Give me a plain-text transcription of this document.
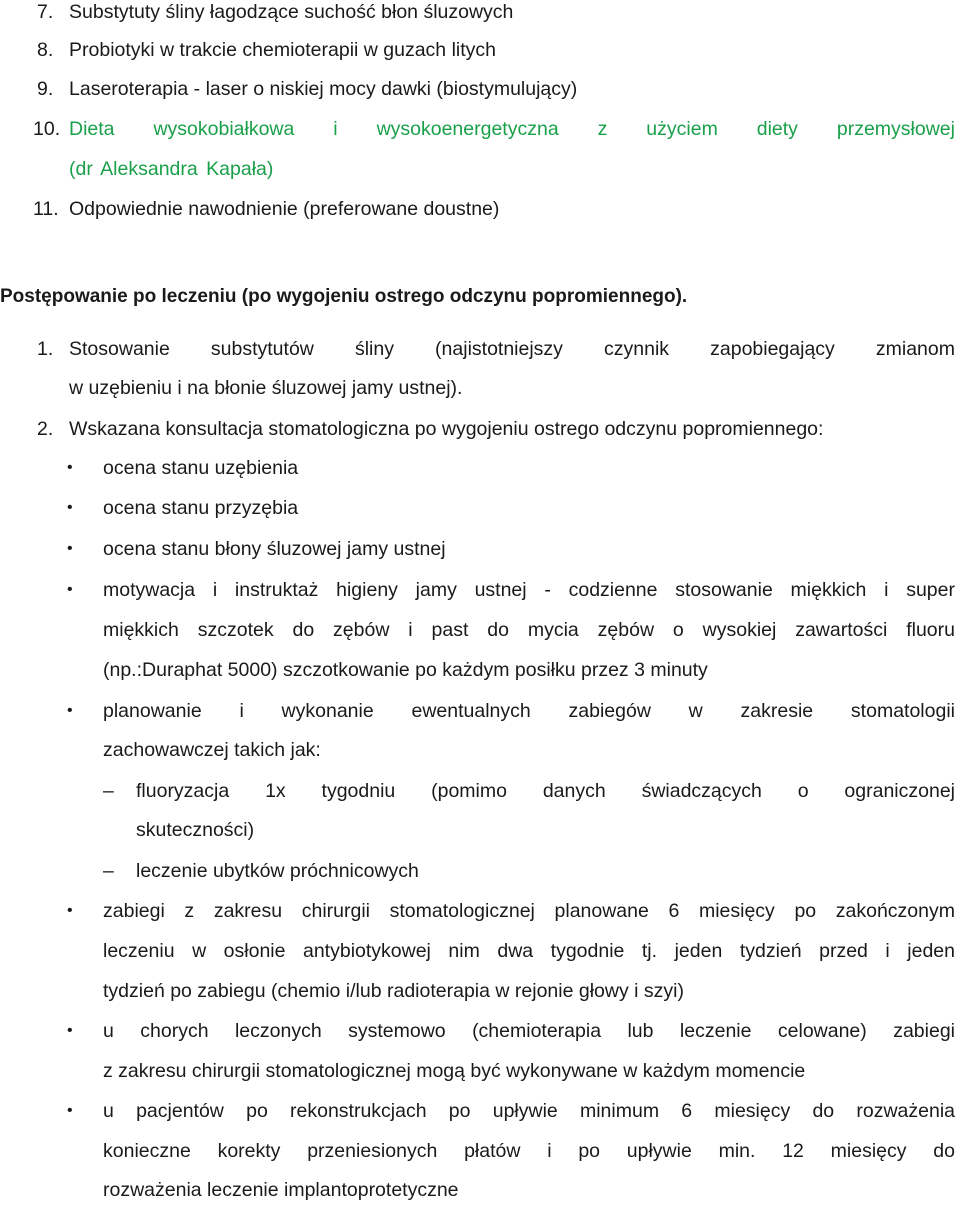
7. Substytuty śliny łagodzące suchość błon śluzowych
8. Probiotyki w trakcie chemioterapii w guzach litych
9. Laseroterapia - laser o niskiej mocy dawki (biostymulujący)
10. Dieta wysokobiałkowa i wysokoenergetyczna z użyciem diety przemysłowej
(dr Aleksandra Kapała)
11. Odpowiednie nawodnienie (preferowane doustne)
Postępowanie po leczeniu (po wygojeniu ostrego odczynu popromiennego).
1. Stosowanie substytutów śliny (najistotniejszy czynnik zapobiegający zmianom
w uzębieniu i na błonie śluzowej jamy ustnej).
2. Wskazana konsultacja stomatologiczna po wygojeniu ostrego odczynu popromiennego:
• ocena stanu uzębienia
• ocena stanu przyzębia
• ocena stanu błony śluzowej jamy ustnej
• motywacja i instruktaż higieny jamy ustnej - codzienne stosowanie miękkich i super
miękkich szczotek do zębów i past do mycia zębów o wysokiej zawartości fluoru
(np.:Duraphat 5000) szczotkowanie po każdym posiłku przez 3 minuty
• planowanie i wykonanie ewentualnych zabiegów w zakresie stomatologii
zachowawczej takich jak:
– fluoryzacja 1x tygodniu (pomimo danych świadczących o ograniczonej
skuteczności)
– leczenie ubytków próchnicowych
• zabiegi z zakresu chirurgii stomatologicznej planowane 6 miesięcy po zakończonym
leczeniu w osłonie antybiotykowej nim dwa tygodnie tj. jeden tydzień przed i jeden
tydzień po zabiegu (chemio i/lub radioterapia w rejonie głowy i szyi)
• u chorych leczonych systemowo (chemioterapia lub leczenie celowane) zabiegi
z zakresu chirurgii stomatologicznej mogą być wykonywane w każdym momencie
• u pacjentów po rekonstrukcjach po upływie minimum 6 miesięcy do rozważenia
konieczne korekty przeniesionych płatów i po upływie min. 12 miesięcy do
rozważenia leczenie implantoprotetyczne
